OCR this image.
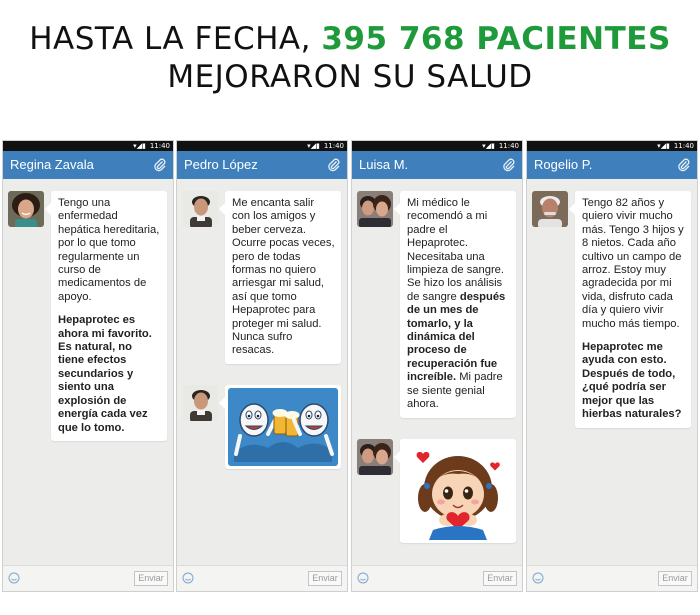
HASTA LA FECHA, 395 768 PACIENTES
MEJORARON SU SALUD
▾◢▮ 11:40
Regina Zavala

Tengo una enfermedad hepática hereditaria, por lo que tomo regularmente un curso de medicamentos de apoyo.

Hepaprotec es ahora mi favorito. Es natural, no tiene efectos secundarios y siento una explosión de energía cada vez que lo tomo.

Enviar
▾◢▮ 11:40
Pedro López

Me encanta salir con los amigos y beber cerveza. Ocurre pocas veces, pero de todas formas no quiero arriesgar mi salud, así que tomo Hepaprotec para proteger mi salud. Nunca sufro resacas.

Enviar
▾◢▮ 11:40
Luisa M.

Mi médico le recomendó a mi padre el Hepaprotec. Necesitaba una limpieza de sangre. Se hizo los análisis de sangre después de un mes de tomarlo, y la dinámica del proceso de recuperación fue increíble. Mi padre se siente genial ahora.

Enviar
▾◢▮ 11:40
Rogelio P.

Tengo 82 años y quiero vivir mucho más. Tengo 3 hijos y 8 nietos. Cada año cultivo un campo de arroz. Estoy muy agradecida por mi vida, disfruto cada día y quiero vivir mucho más tiempo.

Hepaprotec me ayuda con esto. Después de todo, ¿qué podría ser mejor que las hierbas naturales?

Enviar
